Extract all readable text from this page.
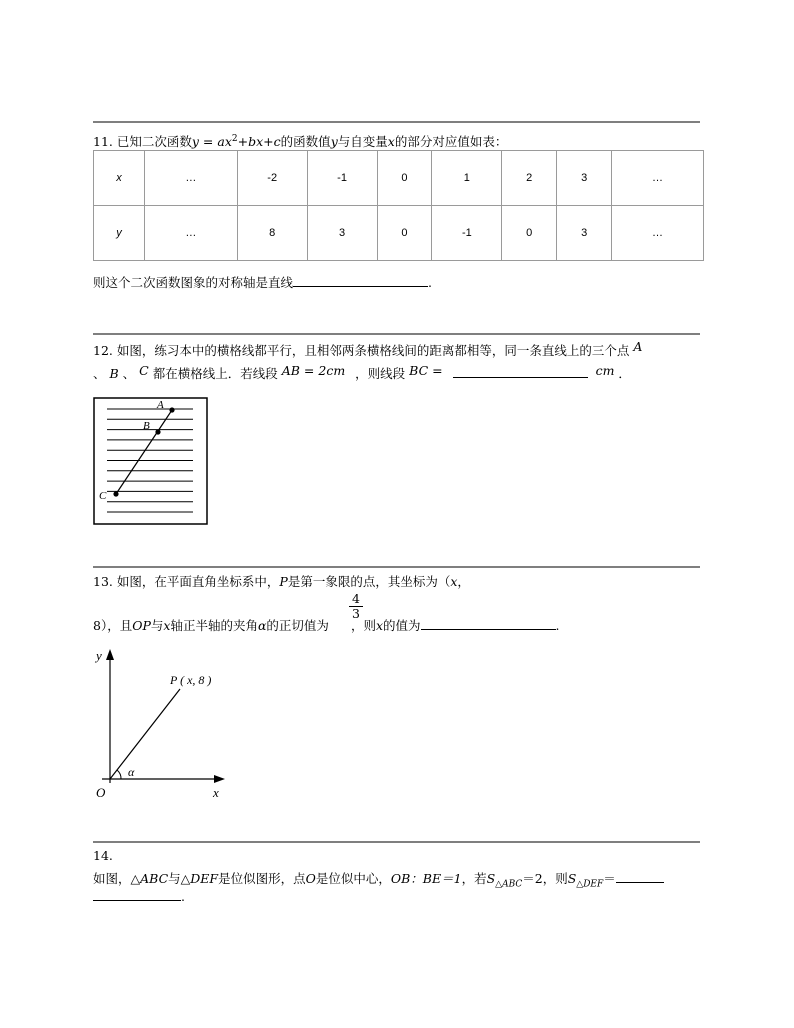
11. 已知二次函数$y = ax^2+bx+c$的函数值y与自变量x的部分对应值如表：
x	…	-2	-1	0	1	2	3	…
y	…	8	3	0	-1	0	3	…
则这个二次函数图象的对称轴是直线	.
12. 如图，练习本中的横格线都平行，且相邻两条横格线间的距离都相等，同一条直线上的三个点 A
、 B 、 C 都在横格线上．若线段 AB = 2cm ，则线段 BC =	cm ．
A
B
C
13. 如图，在平面直角坐标系中，P是第一象限的点，其坐标为（x，
4
3
8），且OP与x轴正半轴的夹角α的正切值为 ，则x的值为	.
y
x
O
α
P ( x, 8 )
14.
如图，△ABC与△DEF是位似图形，点O是位似中心，OB：BE＝1，若$S_{\triangle ABC}=2$，则$S_{\triangle DEF}=$
.
